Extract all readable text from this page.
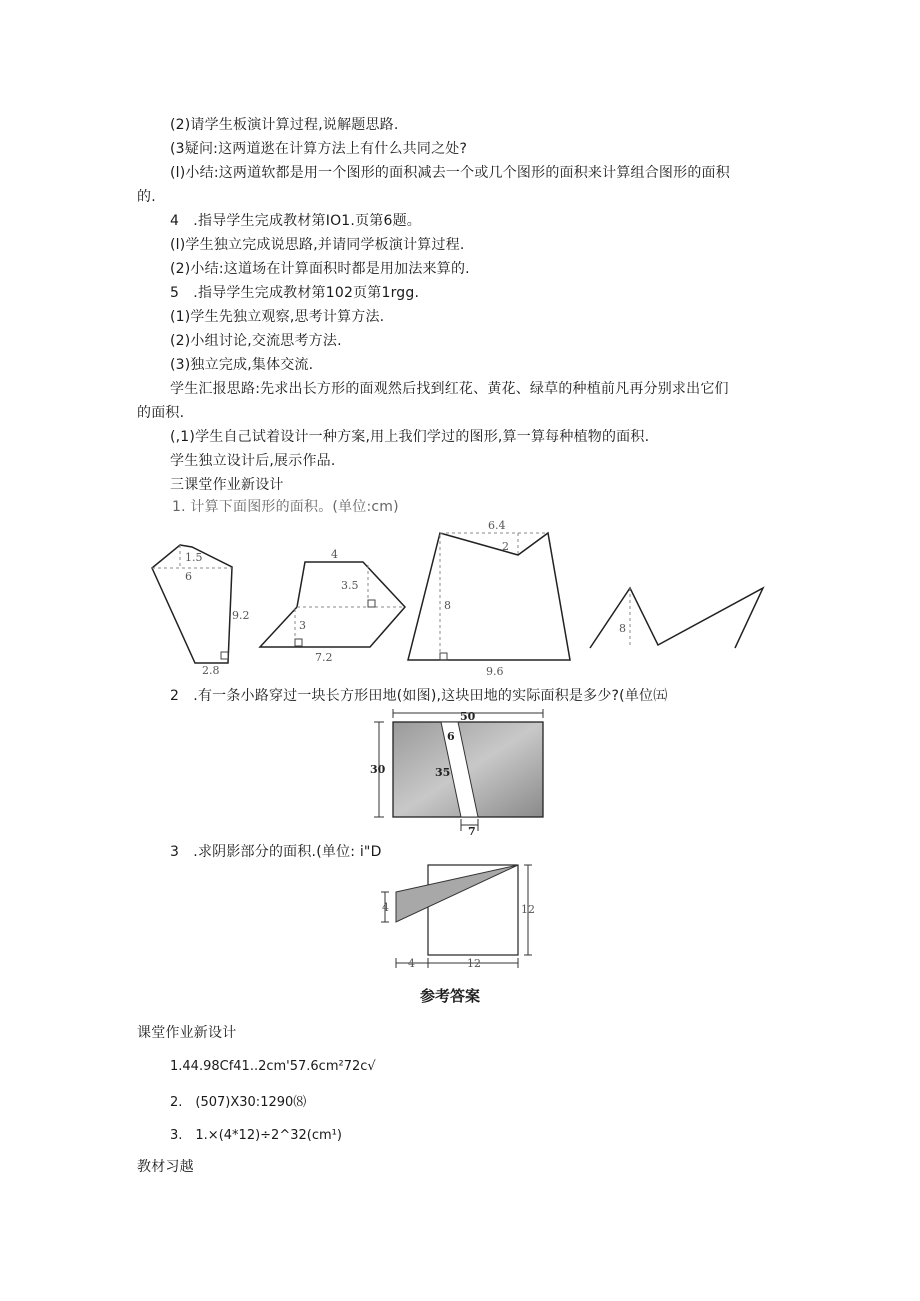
(2)请学生板演计算过程,说解题思路.
(3疑问:这两道逖在计算方法上有什么共同之处?
(l)小结:这两道软都是用一个图形的面积减去一个或几个图形的面积来计算组合图形的面积
的.
4　.指导学生完成教材第IO1.页第6题。
(l)学生独立完成说思路,并请同学板演计算过程.
(2)小结:这道场在计算面积时都是用加法来算的.
5　.指导学生完成教材第102页第1rgg.
(1)学生先独立观察,思考计算方法.
(2)小组讨论,交流思考方法.
(3)独立完成,集体交流.
学生汇报思路:先求出长方形的面观然后找到红花、黄花、绿草的种植前凡再分别求出它们
的面积.
(,1)学生自己试着设计一种方案,用上我们学过的图形,算一算每种植物的面积.
学生独立设计后,展示作品.
三课堂作业新设计
1. 计算下面图形的面积。(单位:cm)
1.5
6
9.2
2.8
4
3.5
3
7.2
6.4
2
8
9.6
8
2　.有一条小路穿过一块长方形田地(如图),这块田地的实际面积是多少?(单位㈤
50
6
35
30
7
3　.求阴影部分的面积.(单位: i"D
4	12
4	12
参考答案
课堂作业新设计
1.44.98Cf41..2cm'57.6cm²72c√
2.　(507)X30:1290⑻
3.　1.×(4*12)÷2^32(cm¹)
教材习越
